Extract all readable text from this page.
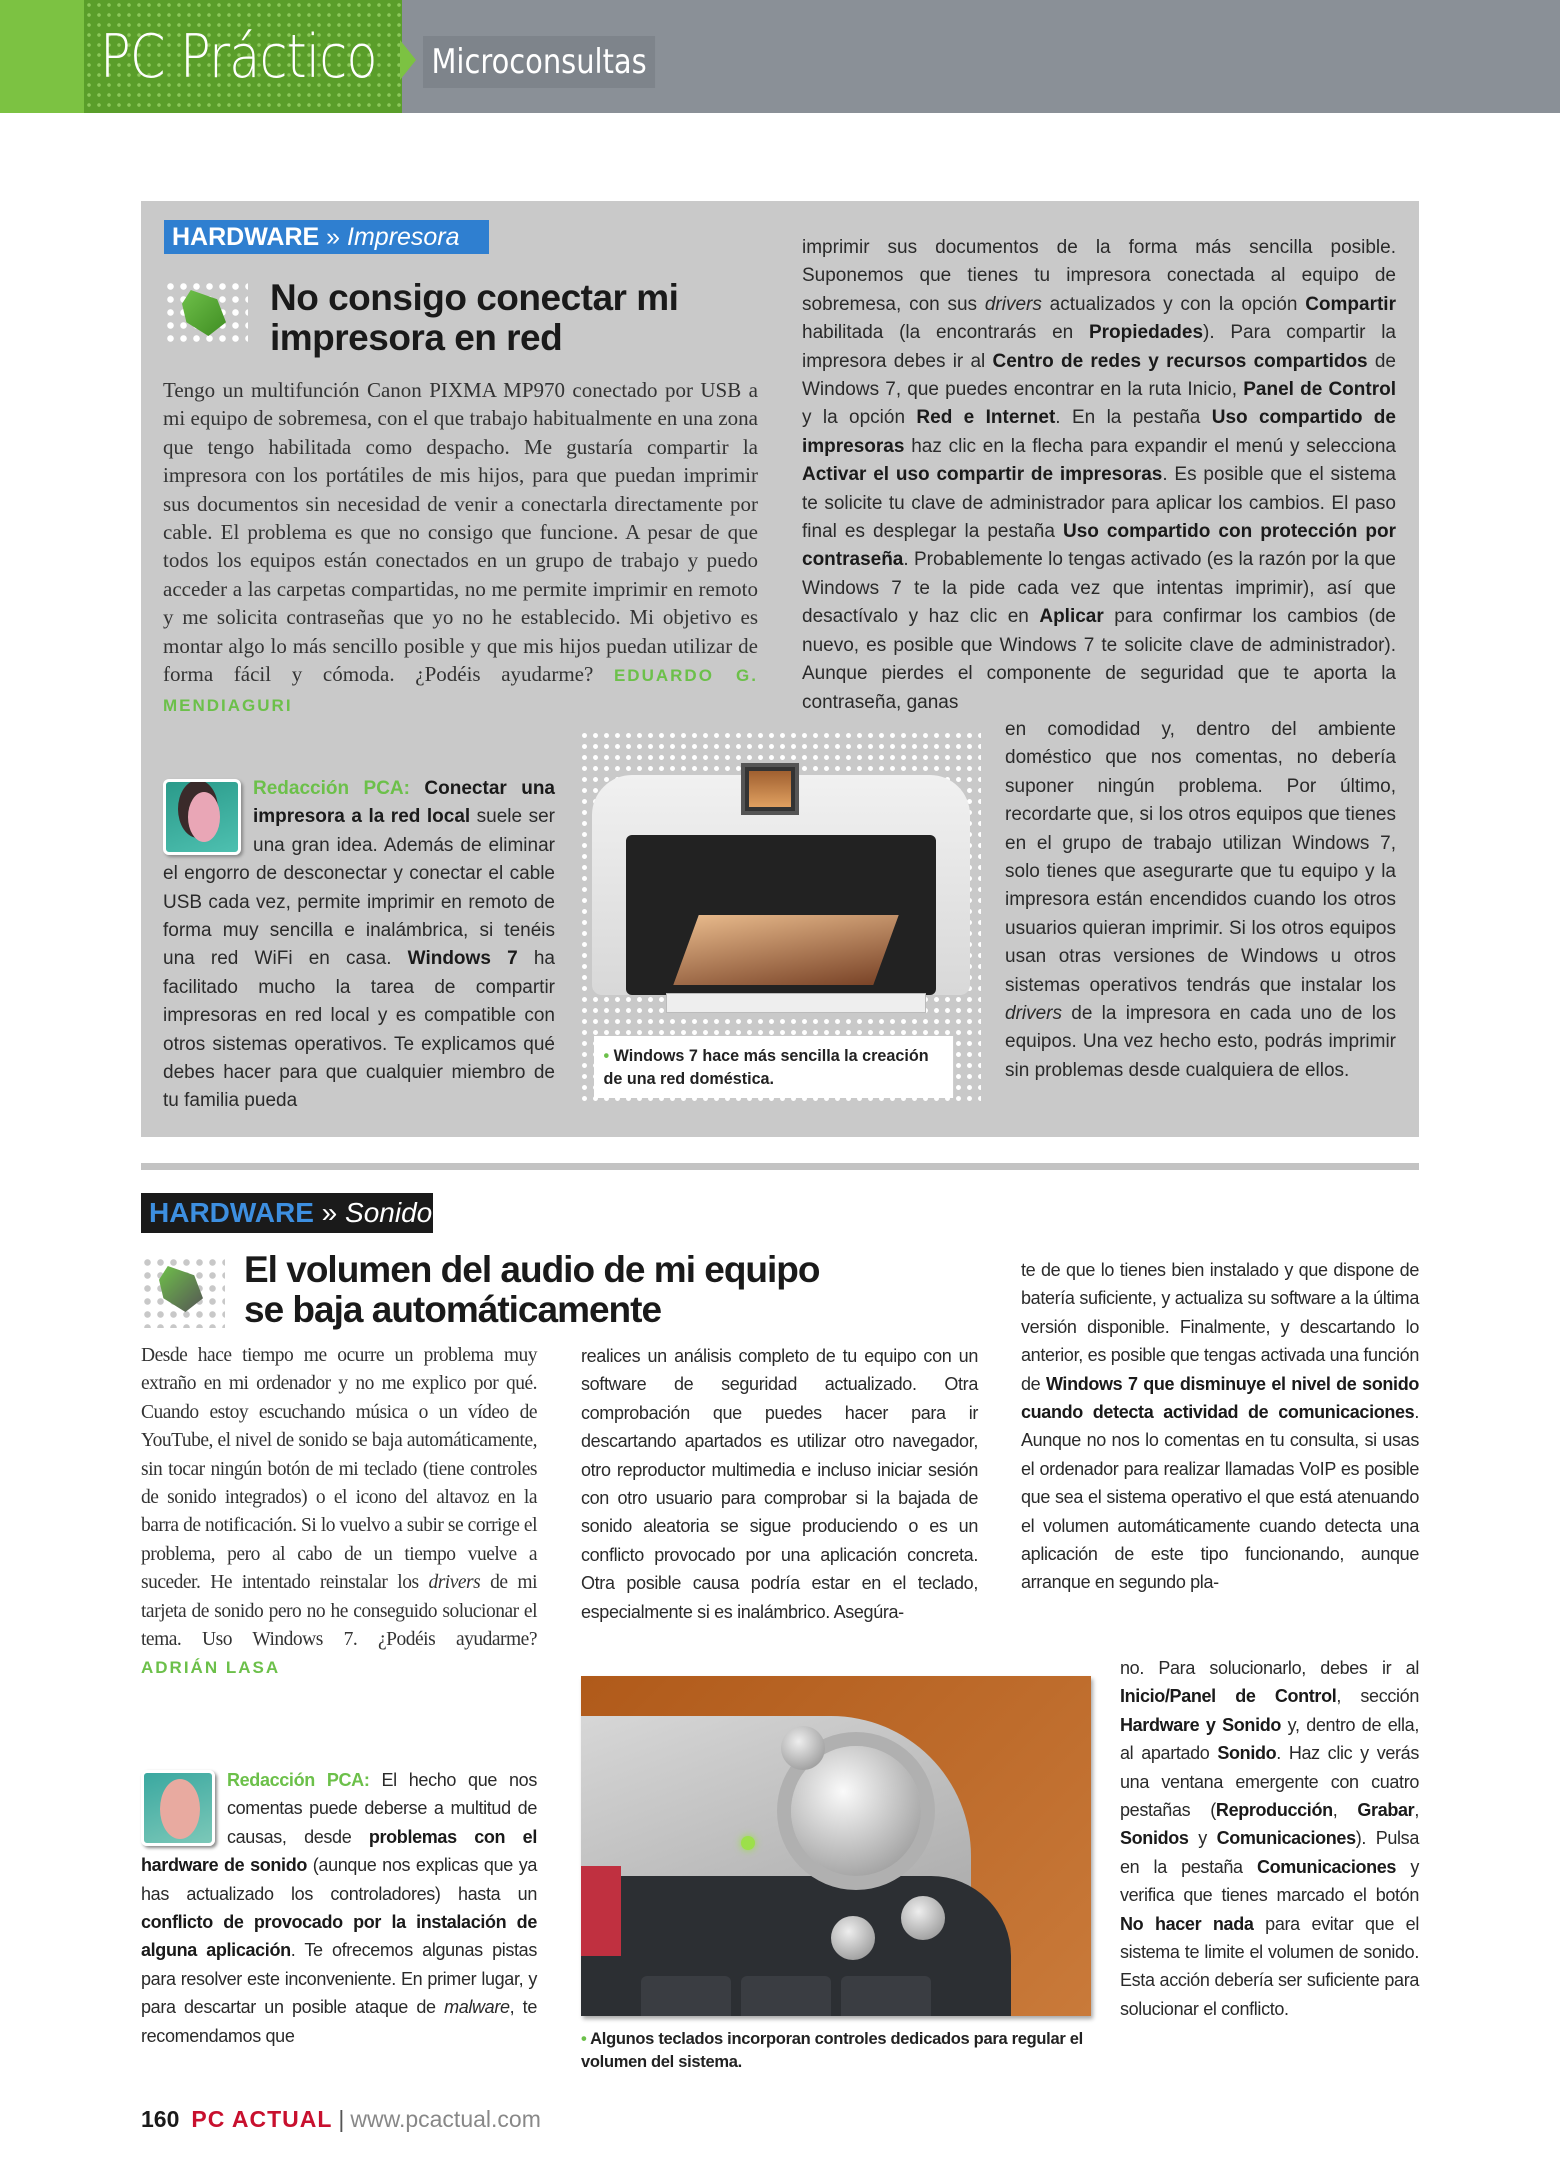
PC Práctico Microconsultas
HARDWARE » Impresora
No consigo conectar mi impresora en red
Tengo un multifunción Canon PIXMA MP970 conectado por USB a mi equipo de sobremesa, con el que trabajo habitualmente en una zona que tengo habilitada como despacho. Me gustaría compartir la impresora con los portátiles de mis hijos, para que puedan imprimir sus documentos sin necesidad de venir a conectarla directamente por cable. El problema es que no consigo que funcione. A pesar de que todos los equipos están conectados en un grupo de trabajo y puedo acceder a las carpetas compartidas, no me permite imprimir en remoto y me solicita contraseñas que yo no he establecido. Mi objetivo es montar algo lo más sencillo posible y que mis hijos puedan utilizar de forma fácil y cómoda. ¿Podéis ayudarme? EDUARDO G. MENDIAGURI
Redacción PCA: Conectar una impresora a la red local suele ser una gran idea. Además de eliminar el engorro de desconectar y conectar el cable USB cada vez, permite imprimir en remoto de forma muy sencilla e inalámbrica, si tenéis una red WiFi en casa. Windows 7 ha facilitado mucho la tarea de compartir impresoras en red local y es compatible con otros sistemas operativos. Te explicamos qué debes hacer para que cualquier miembro de tu familia pueda
imprimir sus documentos de la forma más sencilla posible. Suponemos que tienes tu impresora conectada al equipo de sobremesa, con sus drivers actualizados y con la opción Compartir habilitada (la encontrarás en Propiedades). Para compartir la impresora debes ir al Centro de redes y recursos compartidos de Windows 7, que puedes encontrar en la ruta Inicio, Panel de Control y la opción Red e Internet. En la pestaña Uso compartido de impresoras haz clic en la flecha para expandir el menú y selecciona Activar el uso compartir de impresoras. Es posible que el sistema te solicite tu clave de administrador para aplicar los cambios. El paso final es desplegar la pestaña Uso compartido con protección por contraseña. Probablemente lo tengas activado (es la razón por la que Windows 7 te la pide cada vez que intentas imprimir), así que desactívalo y haz clic en Aplicar para confirmar los cambios (de nuevo, es posible que Windows 7 te solicite clave de administrador). Aunque pierdes el componente de seguridad que te aporta la contraseña, ganas
en comodidad y, dentro del ambiente doméstico que nos comentas, no debería suponer ningún problema. Por último, recordarte que, si los otros equipos que tienes en el grupo de trabajo utilizan Windows 7, solo tienes que asegurarte que tu equipo y la impresora están encendidos cuando los otros usuarios quieran imprimir. Si los otros equipos usan otras versiones de Windows u otros sistemas operativos tendrás que instalar los drivers de la impresora en cada uno de los equipos. Una vez hecho esto, podrás imprimir sin problemas desde cualquiera de ellos.
• Windows 7 hace más sencilla la creación de una red doméstica.
HARDWARE » Sonido
El volumen del audio de mi equipo se baja automáticamente
Desde hace tiempo me ocurre un problema muy extraño en mi ordenador y no me explico por qué. Cuando estoy escuchando música o un vídeo de YouTube, el nivel de sonido se baja automáticamente, sin tocar ningún botón de mi teclado (tiene controles de sonido integrados) o el icono del altavoz en la barra de notificación. Si lo vuelvo a subir se corrige el problema, pero al cabo de un tiempo vuelve a suceder. He intentado reinstalar los drivers de mi tarjeta de sonido pero no he conseguido solucionar el tema. Uso Windows 7. ¿Podéis ayudarme? ADRIÁN LASA
Redacción PCA: El hecho que nos comentas puede deberse a multitud de causas, desde problemas con el hardware de sonido (aunque nos explicas que ya has actualizado los controladores) hasta un conflicto de provocado por la instalación de alguna aplicación. Te ofrecemos algunas pistas para resolver este inconveniente. En primer lugar, y para descartar un posible ataque de malware, te recomendamos que
realices un análisis completo de tu equipo con un software de seguridad actualizado. Otra comprobación que puedes hacer para ir descartando apartados es utilizar otro navegador, otro reproductor multimedia e incluso iniciar sesión con otro usuario para comprobar si la bajada de sonido aleatoria se sigue produciendo o es un conflicto provocado por una aplicación concreta. Otra posible causa podría estar en el teclado, especialmente si es inalámbrico. Asegúra-
te de que lo tienes bien instalado y que dispone de batería suficiente, y actualiza su software a la última versión disponible. Finalmente, y descartando lo anterior, es posible que tengas activada una función de Windows 7 que disminuye el nivel de sonido cuando detecta actividad de comunicaciones. Aunque no nos lo comentas en tu consulta, si usas el ordenador para realizar llamadas VoIP es posible que sea el sistema operativo el que está atenuando el volumen automáticamente cuando detecta una aplicación de este tipo funcionando, aunque arranque en segundo pla-
no. Para solucionarlo, debes ir al Inicio/Panel de Control, sección Hardware y Sonido y, dentro de ella, al apartado Sonido. Haz clic y verás una ventana emergente con cuatro pestañas (Reproducción, Grabar, Sonidos y Comunicaciones). Pulsa en la pestaña Comunicaciones y verifica que tienes marcado el botón No hacer nada para evitar que el sistema te limite el volumen de sonido. Esta acción debería ser suficiente para solucionar el conflicto.
• Algunos teclados incorporan controles dedicados para regular el volumen del sistema.
160 PC ACTUAL | www.pcactual.com
